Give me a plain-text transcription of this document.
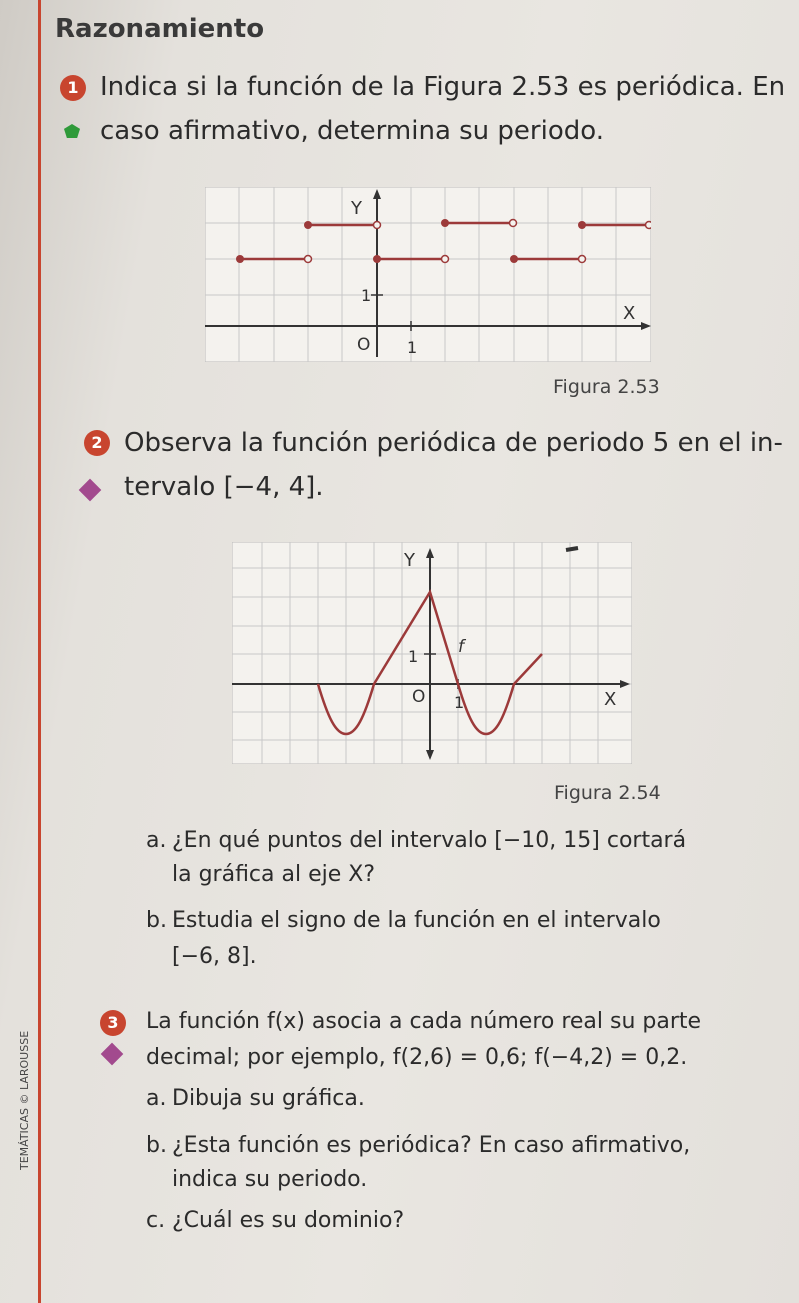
TEMÁTICAS © LAROUSSE
Razonamiento
1 Indica si la función de la Figura 2.53 es periódica. En
caso afirmativo, determina su periodo.
Y
X
O 1
1
Figura 2.53
2 Observa la función periódica de periodo 5 en el in-
tervalo [−4, 4].
Y
X
O 1
1 f
Figura 2.54
a. ¿En qué puntos del intervalo [−10, 15] cortará
la gráfica al eje X?
b. Estudia el signo de la función en el intervalo
[−6, 8].
3	La función f(x) asocia a cada número real su parte
decimal; por ejemplo, f(2,6) = 0,6; f(−4,2) = 0,2.
a. Dibuja su gráfica.
b. ¿Esta función es periódica? En caso afirmativo,
indica su periodo.
c. ¿Cuál es su dominio?
